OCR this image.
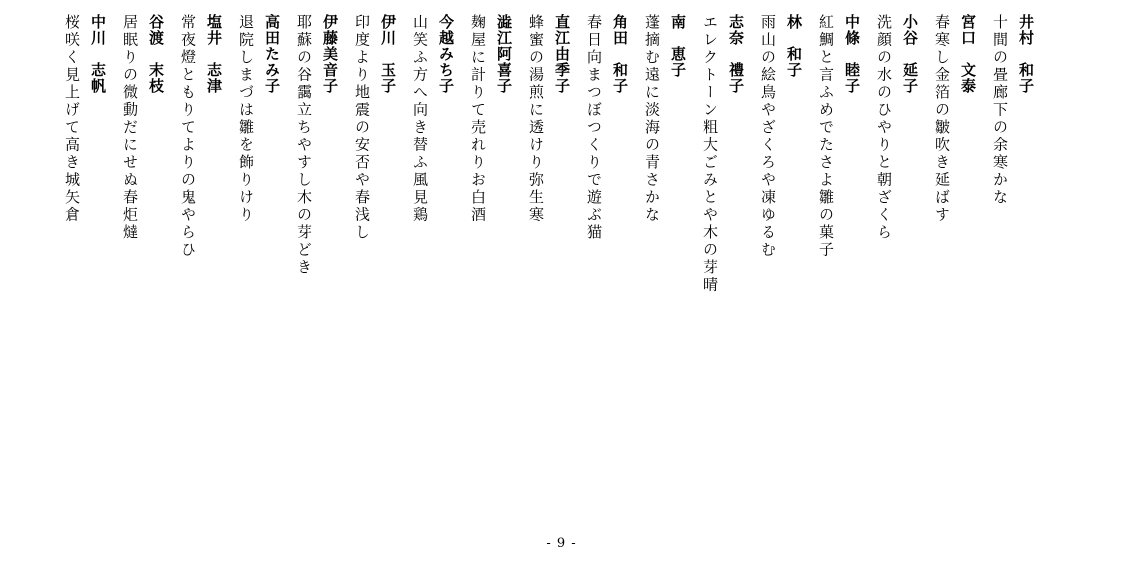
井村　和子
十間の畳廊下の余寒かな
宮口　文泰
春寒し金箔の皺吹き延ばす
小谷　延子
洗顔の水のひやりと朝ざくら
中條　睦子
紅鯛と言ふめでたさよ雛の菓子
林　和子
雨山の絵鳥やざくろや凍ゆるむ
志奈　禮子
エレクトーン粗大ごみとや木の芽晴
南　恵子
蓬摘む遠に淡海の青さかな
角田　和子
春日向まつぼつくりで遊ぶ猫
直江由季子
蜂蜜の湯煎に透けり弥生寒
澁江阿喜子
麹屋に計りて売れりお白酒
今越みち子
山笑ふ方へ向き替ふ風見鶏
伊川　玉子
印度より地震の安否や春浅し
伊藤美音子
耶蘇の谷靄立ちやすし木の芽どき
高田たみ子
退院しまづは雛を飾りけり
塩井　志津
常夜燈ともりてよりの鬼やらひ
谷渡　末枝
居眠りの微動だにせぬ春炬燵
中川　志帆
桜咲く見上げて高き城矢倉
- 9 -
